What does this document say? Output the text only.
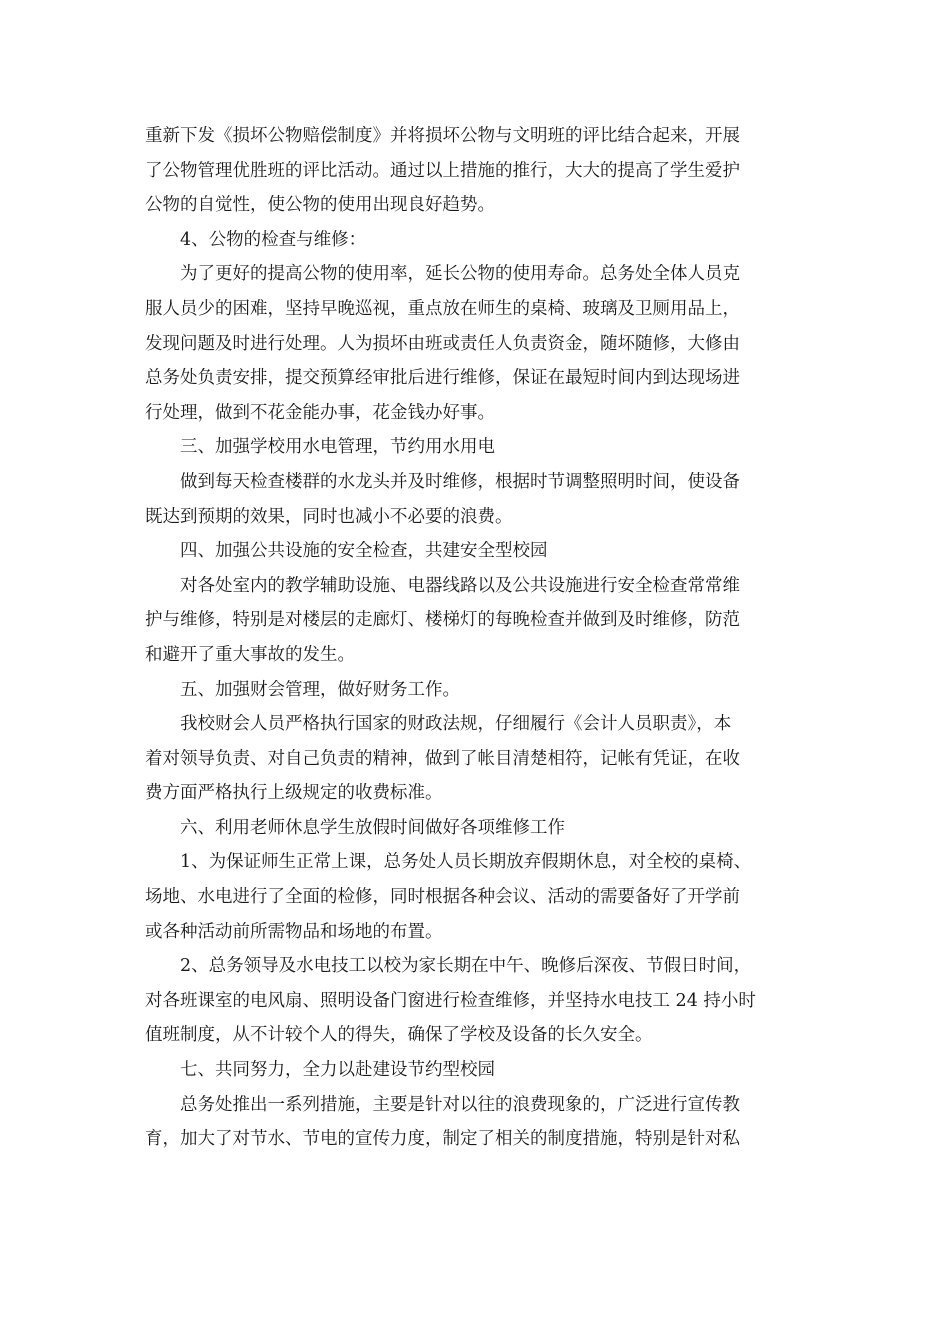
重新下发《损坏公物赔偿制度》并将损坏公物与文明班的评比结合起来，开展
了公物管理优胜班的评比活动。通过以上措施的推行，大大的提高了学生爱护
公物的自觉性，使公物的使用出现良好趋势。
4、公物的检查与维修：
为了更好的提高公物的使用率，延长公物的使用寿命。总务处全体人员克
服人员少的困难，坚持早晚巡视，重点放在师生的桌椅、玻璃及卫厕用品上，
发现问题及时进行处理。人为损坏由班或责任人负责资金，随坏随修，大修由
总务处负责安排，提交预算经审批后进行维修，保证在最短时间内到达现场进
行处理，做到不花金能办事，花金钱办好事。
三、加强学校用水电管理，节约用水用电
做到每天检查楼群的水龙头并及时维修，根据时节调整照明时间，使设备
既达到预期的效果，同时也减小不必要的浪费。
四、加强公共设施的安全检查，共建安全型校园
对各处室内的教学辅助设施、电器线路以及公共设施进行安全检查常常维
护与维修，特别是对楼层的走廊灯、楼梯灯的每晚检查并做到及时维修，防范
和避开了重大事故的发生。
五、加强财会管理，做好财务工作。
我校财会人员严格执行国家的财政法规，仔细履行《会计人员职责》，本
着对领导负责、对自己负责的精神，做到了帐目清楚相符，记帐有凭证，在收
费方面严格执行上级规定的收费标准。
六、利用老师休息学生放假时间做好各项维修工作
1、为保证师生正常上课，总务处人员长期放弃假期休息，对全校的桌椅、
场地、水电进行了全面的检修，同时根据各种会议、活动的需要备好了开学前
或各种活动前所需物品和场地的布置。
2、总务领导及水电技工以校为家长期在中午、晚修后深夜、节假日时间，
对各班课室的电风扇、照明设备门窗进行检查维修，并坚持水电技工 24 持小时
值班制度，从不计较个人的得失，确保了学校及设备的长久安全。
七、共同努力，全力以赴建设节约型校园
总务处推出一系列措施，主要是针对以往的浪费现象的，广泛进行宣传教
育，加大了对节水、节电的宣传力度，制定了相关的制度措施，特别是针对私
